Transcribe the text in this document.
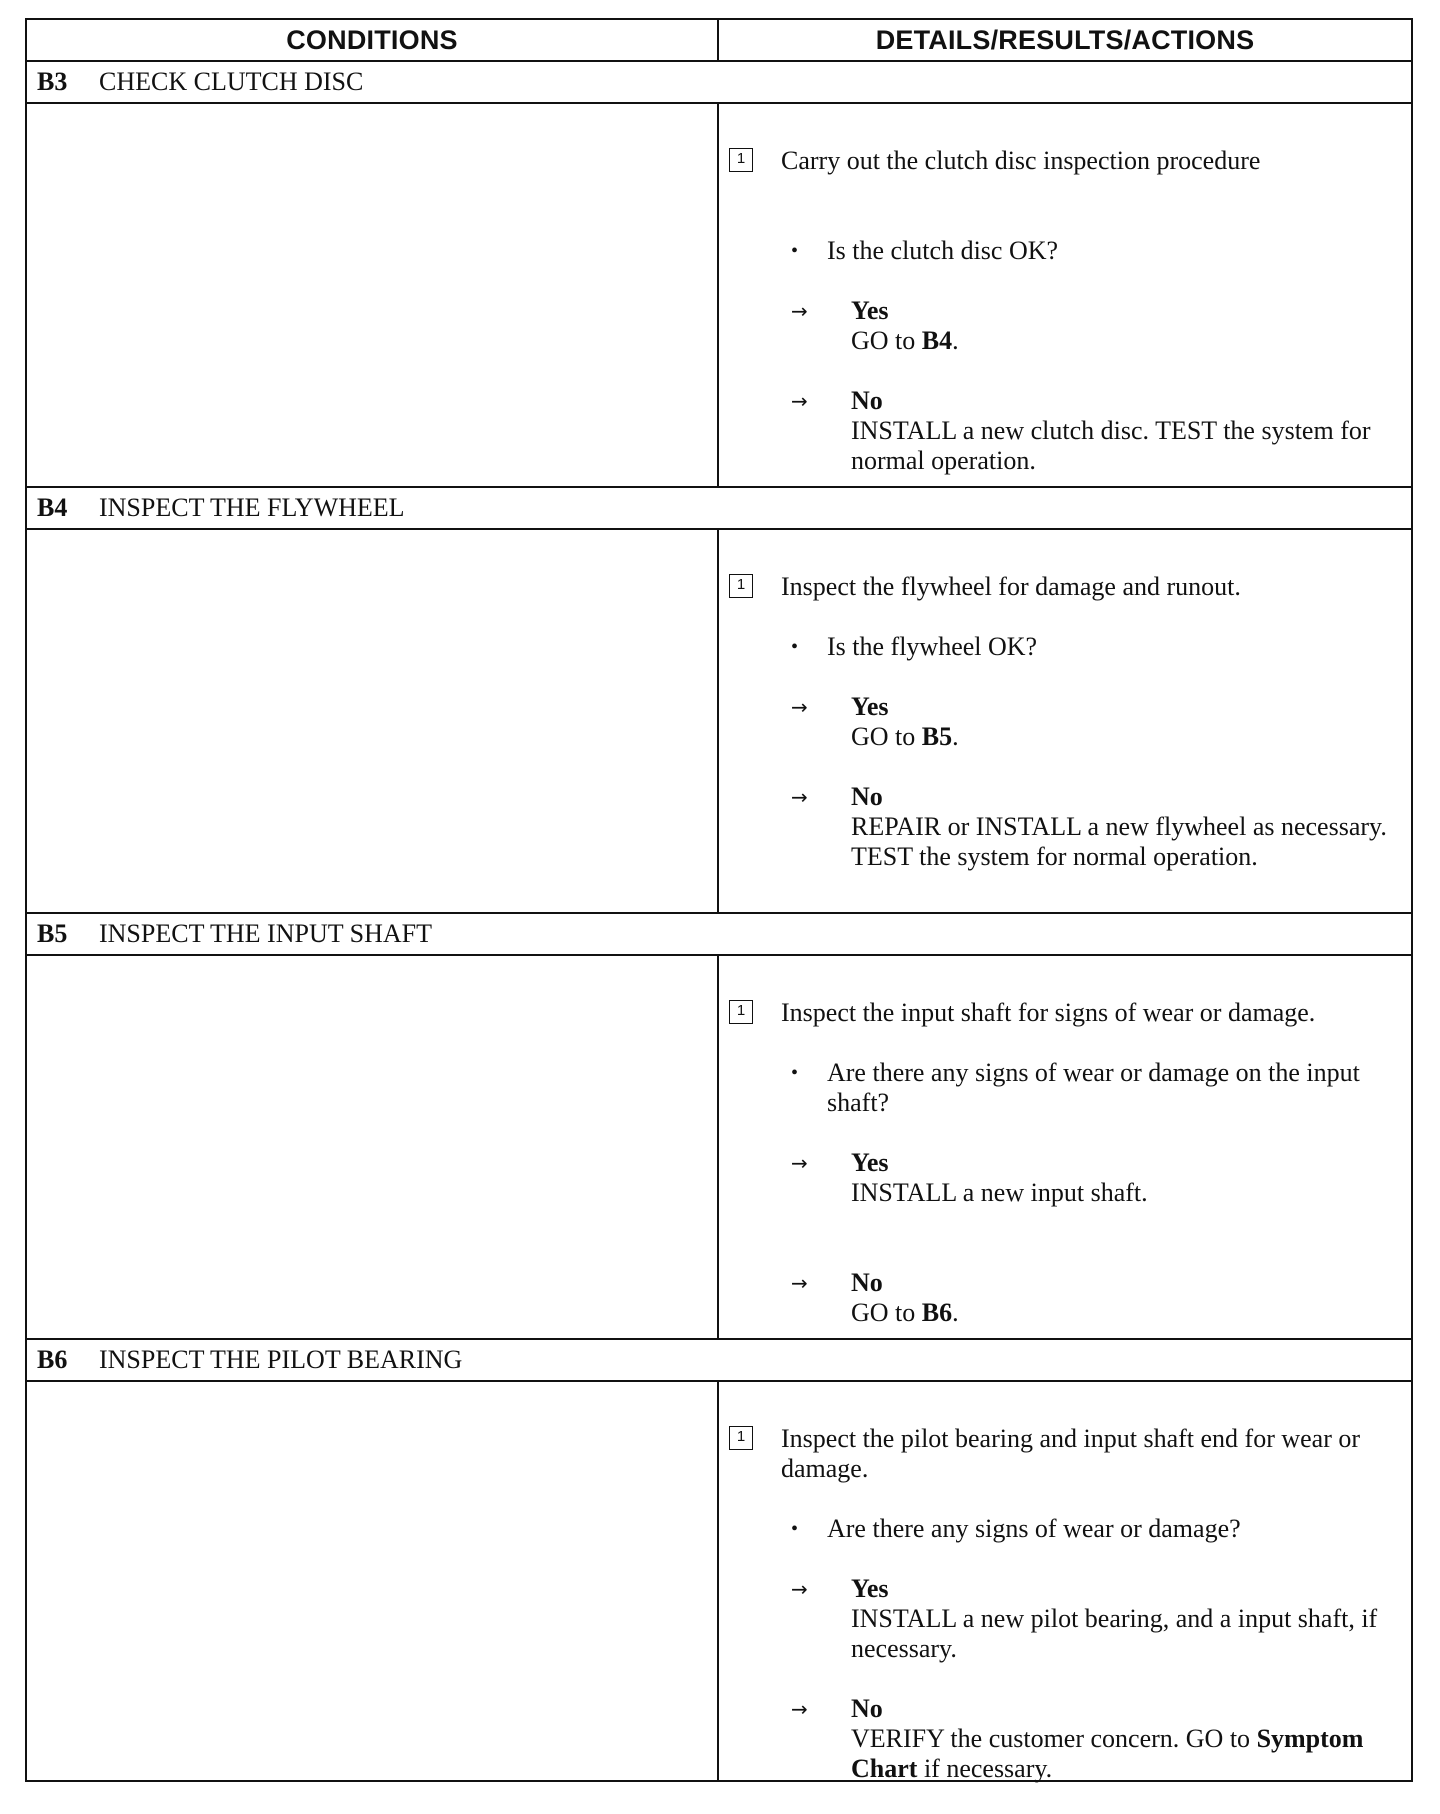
CONDITIONS	DETAILS/RESULTS/ACTIONS
B3	CHECK CLUTCH DISC
1	Carry out the clutch disc inspection procedure
•	Is the clutch disc OK?
→	Yes
GO to B4.
→	No
INSTALL a new clutch disc. TEST the system for normal operation.
B4	INSPECT THE FLYWHEEL
1	Inspect the flywheel for damage and runout.
•	Is the flywheel OK?
→	Yes
GO to B5.
→	No
REPAIR or INSTALL a new flywheel as necessary. TEST the system for normal operation.
B5	INSPECT THE INPUT SHAFT
1	Inspect the input shaft for signs of wear or damage.
•	Are there any signs of wear or damage on the input shaft?
→	Yes
INSTALL a new input shaft.
→	No
GO to B6.
B6	INSPECT THE PILOT BEARING
1	Inspect the pilot bearing and input shaft end for wear or damage.
•	Are there any signs of wear or damage?
→	Yes
INSTALL a new pilot bearing, and a input shaft, if necessary.
→	No
VERIFY the customer concern. GO to Symptom Chart if necessary.
